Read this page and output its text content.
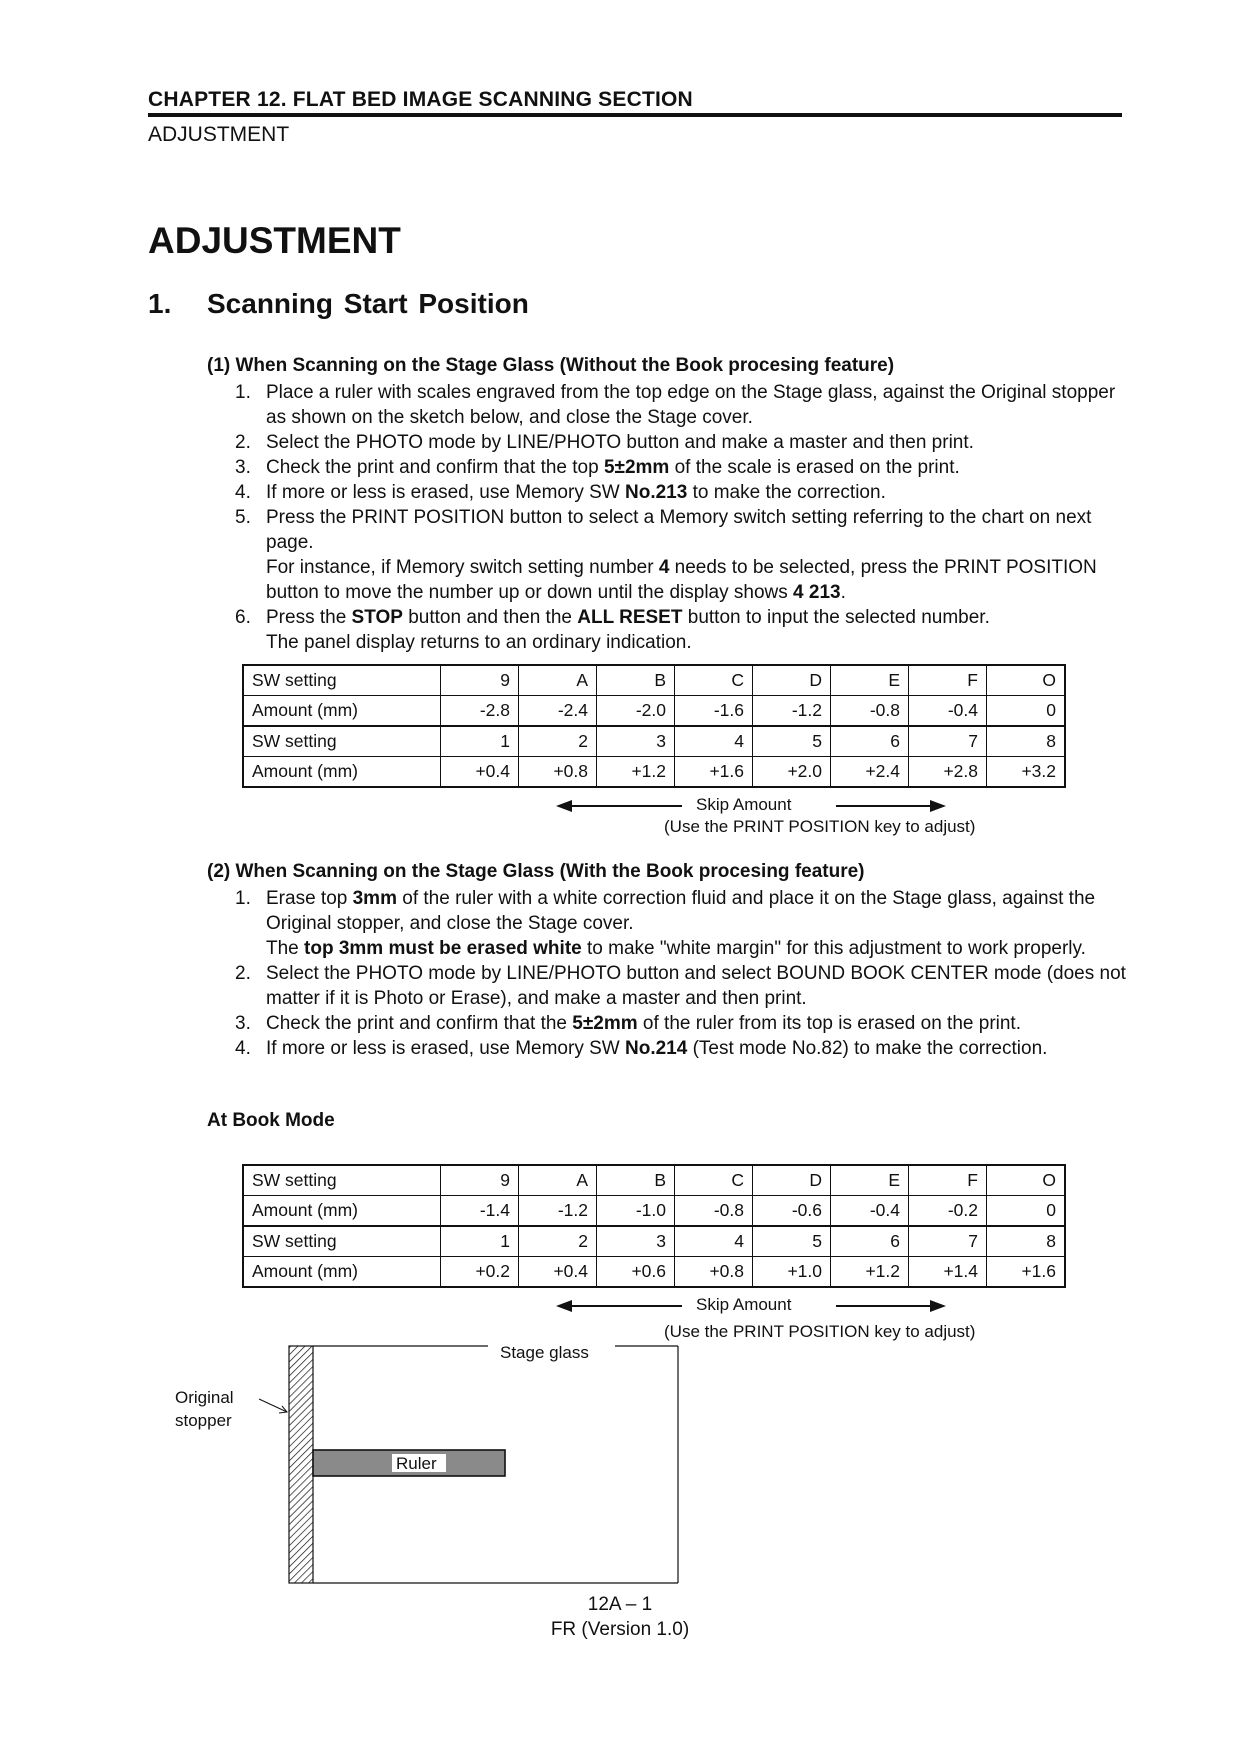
CHAPTER 12. FLAT BED IMAGE SCANNING SECTION
ADJUSTMENT
ADJUSTMENT
1. Scanning Start Position
(1) When Scanning on the Stage Glass (Without the Book procesing feature)
1. Place a ruler with scales engraved from the top edge on the Stage glass, against the Original stopper as shown on the sketch below, and close the Stage cover.
2. Select the PHOTO mode by LINE/PHOTO button and make a master and then print.
3. Check the print and confirm that the top 5±2mm of the scale is erased on the print.
4. If more or less is erased, use Memory SW No.213 to make the correction.
5. Press the PRINT POSITION button to select a Memory switch setting referring to the chart on next page.
For instance, if Memory switch setting number 4 needs to be selected, press the PRINT POSITION button to move the number up or down until the display shows 4 213.
6. Press the STOP button and then the ALL RESET button to input the selected number.
The panel display returns to an ordinary indication.
SW setting	9	A	B	C	D	E	F	O
Amount (mm)	-2.8	-2.4	-2.0	-1.6	-1.2	-0.8	-0.4	0
SW setting	1	2	3	4	5	6	7	8
Amount (mm)	+0.4	+0.8	+1.2	+1.6	+2.0	+2.4	+2.8	+3.2
Skip Amount
(Use the PRINT POSITION key to adjust)
(2) When Scanning on the Stage Glass (With the Book procesing feature)
1. Erase top 3mm of the ruler with a white correction fluid and place it on the Stage glass, against the Original stopper, and close the Stage cover.
The top 3mm must be erased white to make "white margin" for this adjustment to work properly.
2. Select the PHOTO mode by LINE/PHOTO button and select BOUND BOOK CENTER mode (does not matter if it is Photo or Erase), and make a master and then print.
3. Check the print and confirm that the 5±2mm of the ruler from its top is erased on the print.
4. If more or less is erased, use Memory SW No.214 (Test mode No.82) to make the correction.
At Book Mode
SW setting	9	A	B	C	D	E	F	O
Amount (mm)	-1.4	-1.2	-1.0	-0.8	-0.6	-0.4	-0.2	0
SW setting	1	2	3	4	5	6	7	8
Amount (mm)	+0.2	+0.4	+0.6	+0.8	+1.0	+1.2	+1.4	+1.6
Skip Amount
(Use the PRINT POSITION key to adjust)
Stage glass
Original
stopper
Ruler
12A – 1
FR (Version 1.0)
